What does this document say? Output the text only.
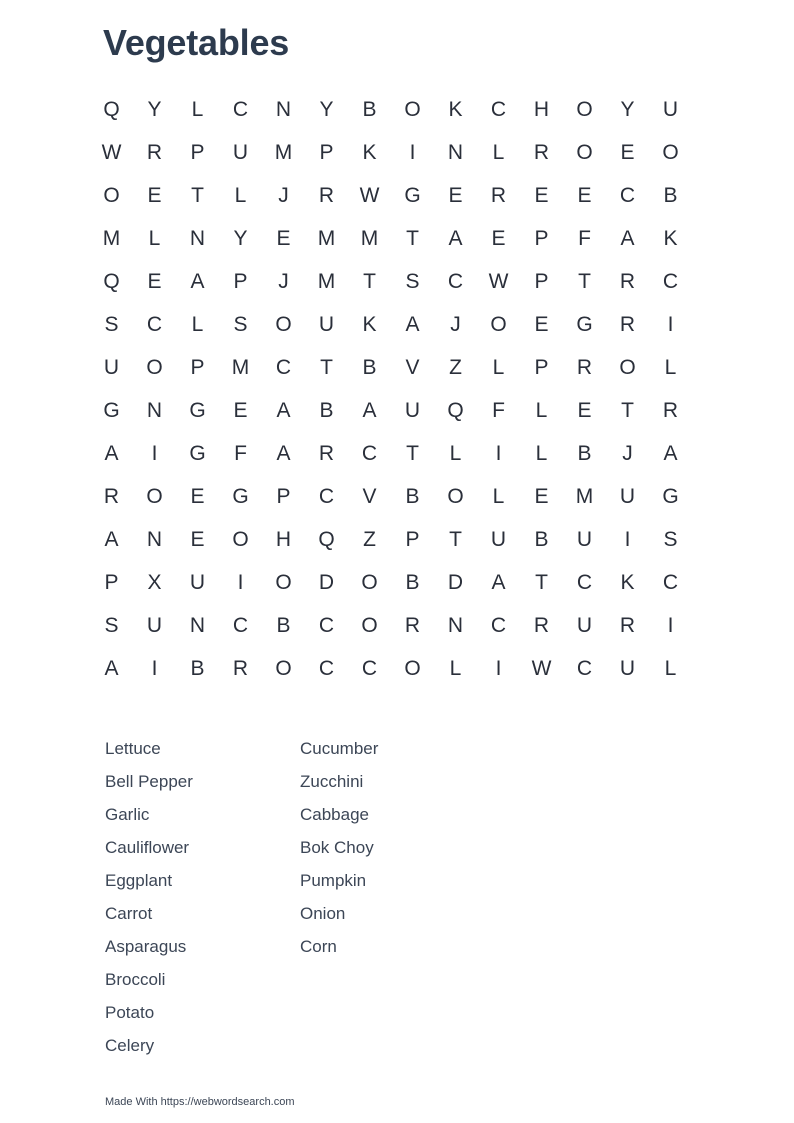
Vegetables
Q	Y	L	C	N	Y	B	O	K	C	H	O	Y	U
W	R	P	U	M	P	K	I	N	L	R	O	E	O
O	E	T	L	J	R	W	G	E	R	E	E	C	B
M	L	N	Y	E	M	M	T	A	E	P	F	A	K
Q	E	A	P	J	M	T	S	C	W	P	T	R	C
S	C	L	S	O	U	K	A	J	O	E	G	R	I
U	O	P	M	C	T	B	V	Z	L	P	R	O	L
G	N	G	E	A	B	A	U	Q	F	L	E	T	R
A	I	G	F	A	R	C	T	L	I	L	B	J	A
R	O	E	G	P	C	V	B	O	L	E	M	U	G
A	N	E	O	H	Q	Z	P	T	U	B	U	I	S
P	X	U	I	O	D	O	B	D	A	T	C	K	C
S	U	N	C	B	C	O	R	N	C	R	U	R	I
A	I	B	R	O	C	C	O	L	I	W	C	U	L
Lettuce
Bell Pepper
Garlic
Cauliflower
Eggplant
Carrot
Asparagus
Broccoli
Potato
Celery
Cucumber
Zucchini
Cabbage
Bok Choy
Pumpkin
Onion
Corn
Made With https://webwordsearch.com
